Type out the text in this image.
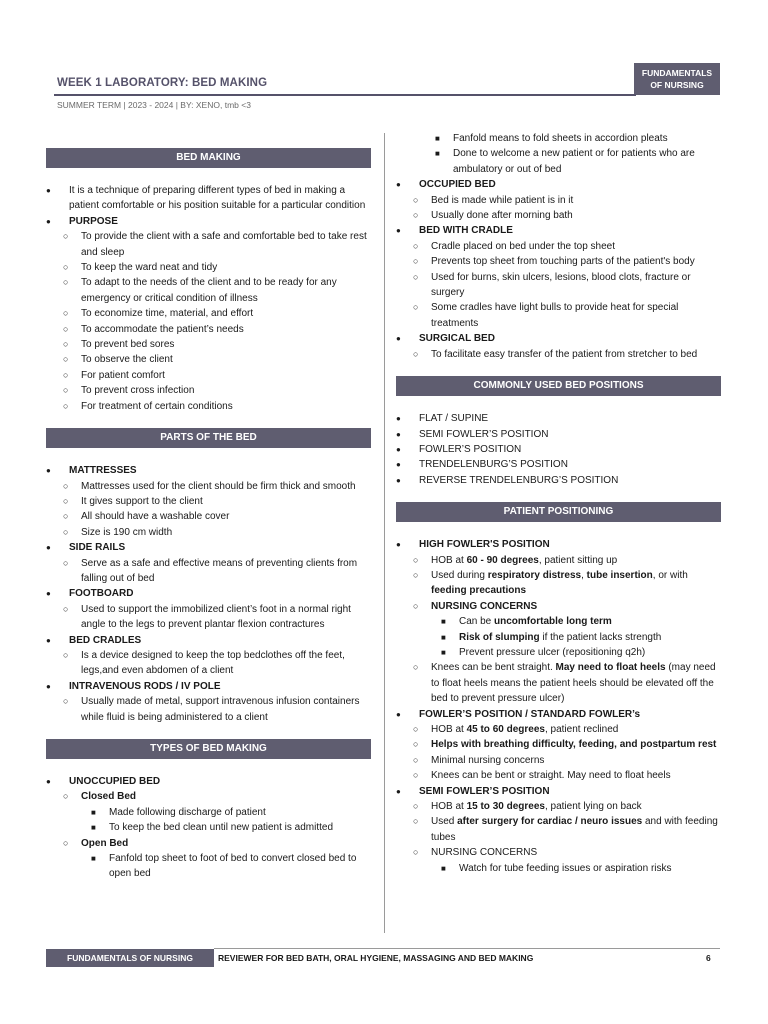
WEEK 1 LABORATORY: BED MAKING
FUNDAMENTALS
OF NURSING
SUMMER TERM | 2023 - 2024 | BY: XENO, tmb <3
BED MAKING
● It is a technique of preparing different types of bed in making a patient comfortable or his position suitable for a particular condition
● PURPOSE
○ To provide the client with a safe and comfortable bed to take rest and sleep
○ To keep the ward neat and tidy
○ To adapt to the needs of the client and to be ready for any emergency or critical condition of illness
○ To economize time, material, and effort
○ To accommodate the patient’s needs
○ To prevent bed sores
○ To observe the client
○ For patient comfort
○ To prevent cross infection
○ For treatment of certain conditions
PARTS OF THE BED
● MATTRESSES
○ Mattresses used for the client should be firm thick and smooth
○ It gives support to the client
○ All should have a washable cover
○ Size is 190 cm width
● SIDE RAILS
○ Serve as a safe and effective means of preventing clients from falling out of bed
● FOOTBOARD
○ Used to support the immobilized client’s foot in a normal right angle to the legs to prevent plantar flexion contractures
● BED CRADLES
○ Is a device designed to keep the top bedclothes off the feet, legs,and even abdomen of a client
● INTRAVENOUS RODS / IV POLE
○ Usually made of metal, support intravenous infusion containers while fluid is being administered to a client
TYPES OF BED MAKING
● UNOCCUPIED BED
○ Closed Bed
■ Made following discharge of patient
■ To keep the bed clean until new patient is admitted
○ Open Bed
■ Fanfold top sheet to foot of bed to convert closed bed to open bed
■ Fanfold means to fold sheets in accordion pleats
■ Done to welcome a new patient or for patients who are ambulatory or out of bed
● OCCUPIED BED
○ Bed is made while patient is in it
○ Usually done after morning bath
● BED WITH CRADLE
○ Cradle placed on bed under the top sheet
○ Prevents top sheet from touching parts of the patient's body
○ Used for burns, skin ulcers, lesions, blood clots, fracture or surgery
○ Some cradles have light bulls to provide heat for special treatments
● SURGICAL BED
○ To facilitate easy transfer of the patient from stretcher to bed
COMMONLY USED BED POSITIONS
● FLAT / SUPINE
● SEMI FOWLER’S POSITION
● FOWLER’S POSITION
● TRENDELENBURG’S POSITION
● REVERSE TRENDELENBURG’S POSITION
PATIENT POSITIONING
● HIGH FOWLER'S POSITION
○ HOB at 60 - 90 degrees, patient sitting up
○ Used during respiratory distress, tube insertion, or with feeding precautions
○ NURSING CONCERNS
■ Can be uncomfortable long term
■ Risk of slumping if the patient lacks strength
■ Prevent pressure ulcer (repositioning q2h)
○ Knees can be bent straight. May need to float heels (may need to float heels means the patient heels should be elevated off the bed to prevent pressure ulcer)
● FOWLER’S POSITION / STANDARD FOWLER’s
○ HOB at 45 to 60 degrees, patient reclined
○ Helps with breathing difficulty, feeding, and postpartum rest
○ Minimal nursing concerns
○ Knees can be bent or straight. May need to float heels
● SEMI FOWLER’S POSITION
○ HOB at 15 to 30 degrees, patient lying on back
○ Used after surgery for cardiac / neuro issues and with feeding tubes
○ NURSING CONCERNS
■ Watch for tube feeding issues or aspiration risks
FUNDAMENTALS OF NURSING	REVIEWER FOR BED BATH, ORAL HYGIENE, MASSAGING AND BED MAKING	6
